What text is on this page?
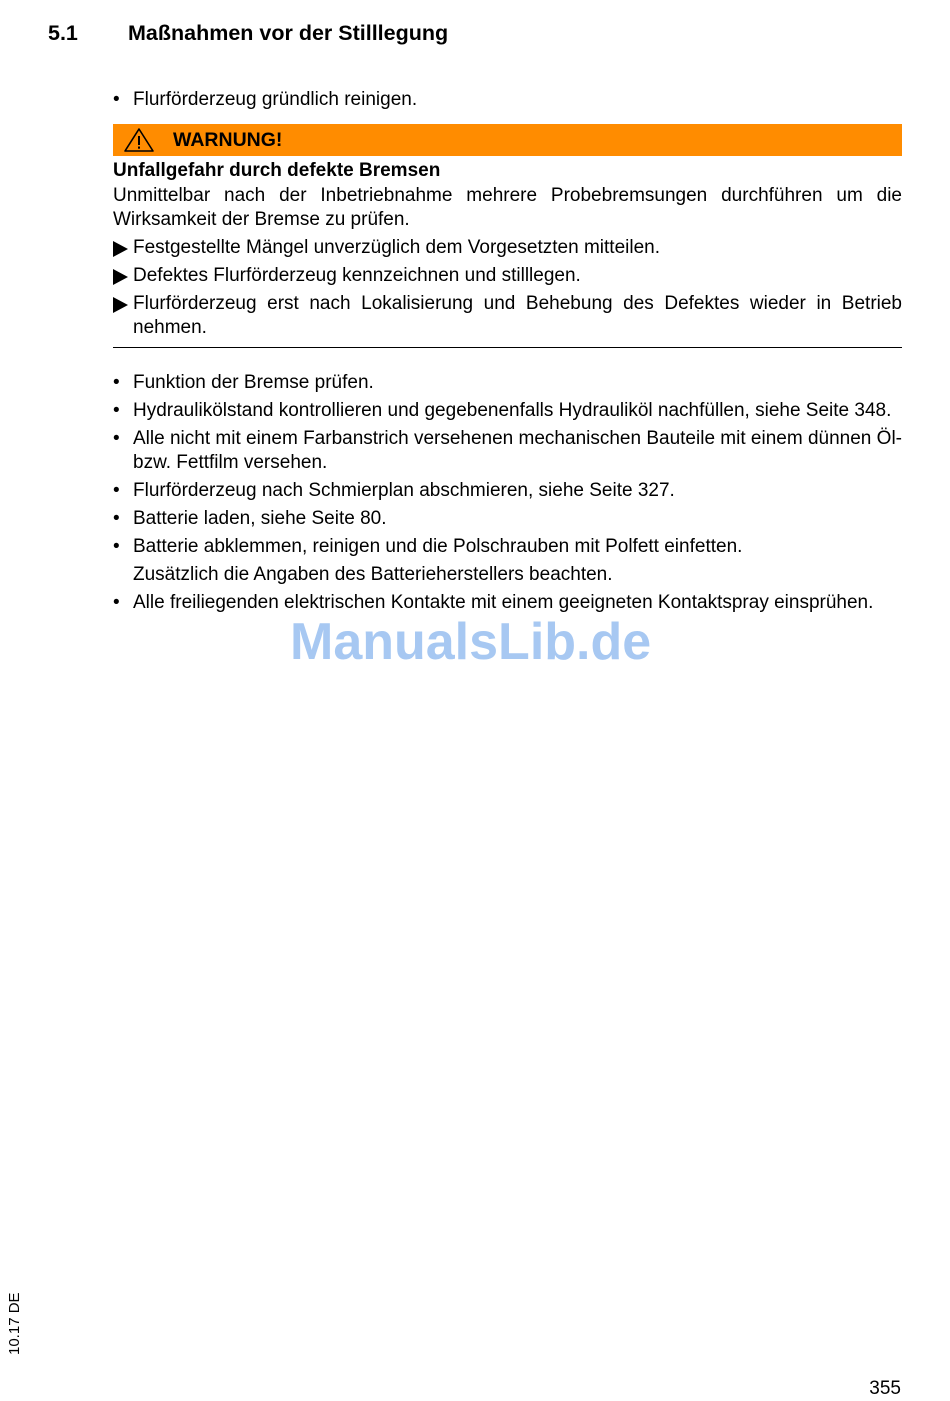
5.1 Maßnahmen vor der Stilllegung
• Flurförderzeug gründlich reinigen.
WARNUNG!
Unfallgefahr durch defekte Bremsen
Unmittelbar nach der Inbetriebnahme mehrere Probebremsungen durchführen um die Wirksamkeit der Bremse zu prüfen.
Festgestellte Mängel unverzüglich dem Vorgesetzten mitteilen.
Defektes Flurförderzeug kennzeichnen und stilllegen.
Flurförderzeug erst nach Lokalisierung und Behebung des Defektes wieder in Betrieb nehmen.
• Funktion der Bremse prüfen.
• Hydraulikölstand kontrollieren und gegebenenfalls Hydrauliköl nachfüllen, siehe Seite 348.
• Alle nicht mit einem Farbanstrich versehenen mechanischen Bauteile mit einem dünnen Öl- bzw. Fettfilm versehen.
• Flurförderzeug nach Schmierplan abschmieren, siehe Seite 327.
• Batterie laden, siehe Seite 80.
• Batterie abklemmen, reinigen und die Polschrauben mit Polfett einfetten.
Zusätzlich die Angaben des Batterieherstellers beachten.
• Alle freiliegenden elektrischen Kontakte mit einem geeigneten Kontaktspray einsprühen.
ManualsLib.de
10.17 DE
355
